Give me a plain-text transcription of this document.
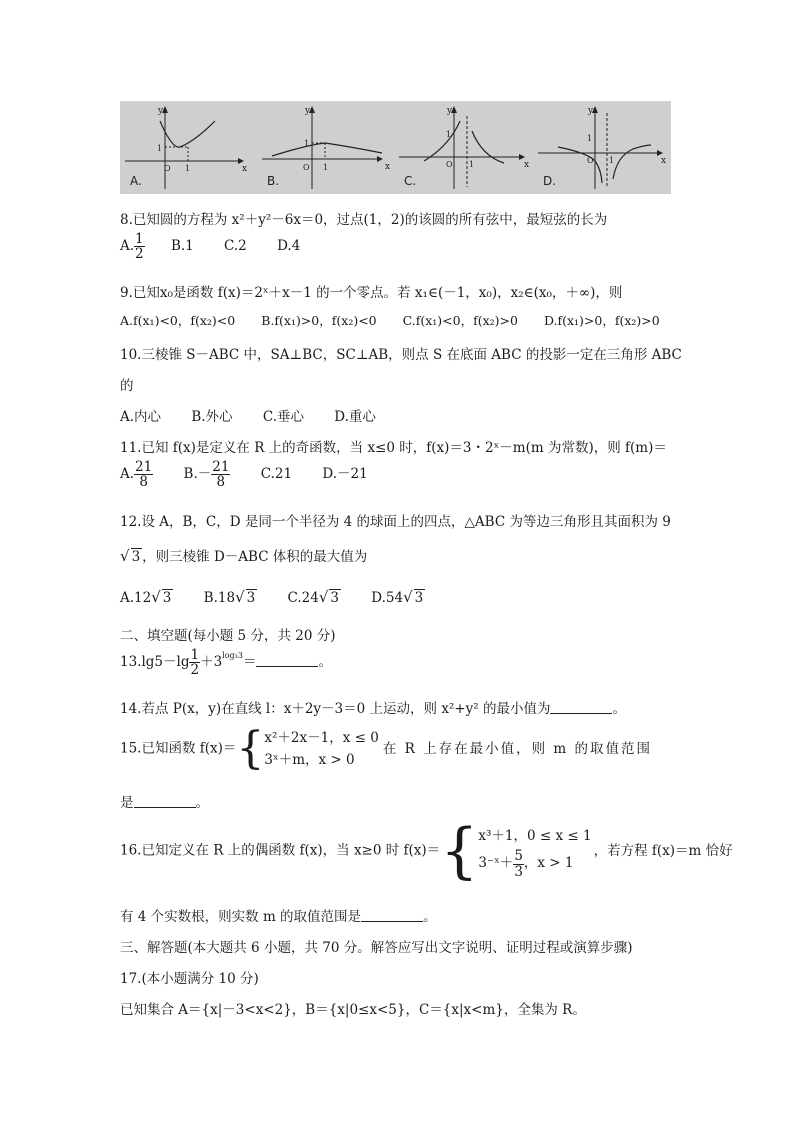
y
x
1
O 1
A.
y
x
1
O 1
B.
y
x
1
O 1
C.
y
x
O 1
1
D.
8.已知圆的方程为 x²＋y²－6x＝0，过点(1，2)的该圆的所有弦中，最短弦的长为
A. $\frac{1}{2} B.1$ C.2 D.4
9.已知x₀是函数 f(x)＝2ˣ＋x－1 的一个零点。若 x₁∈(－1，x₀)，x₂∈(x₀，＋∞)，则
A.f(x₁)<0，f(x₂)<0 B.f(x₁)>0，f(x₂)<0 C.f(x₁)<0，f(x₂)>0 D.f(x₁)>0，f(x₂)>0
10.三棱锥 S－ABC 中，SA⊥BC，SC⊥AB，则点 S 在底面 ABC 的投影一定在三角形 ABC
的
A.内心 B.外心 C.垂心 D.重心
11.已知 f(x)是定义在 R 上的奇函数，当 x≤0 时，f(x)＝3・2ˣ－m(m 为常数)，则 f(m)＝
A. $\frac{21}{8} B.- \frac{21}{8} C.21$ D.－21
12.设 A，B，C，D 是同一个半径为 4 的球面上的四点，△ABC 为等边三角形且其面积为 9
√ 3 ，则三棱锥 D－ABC 体积的最大值为
A.12√ 3 B.18√ 3 C.24√ 3 D.54√ 3
二、填空题(每小题 5 分，共 20 分)
$13.\lg 5-\lg \frac{1}{2} +3^{log_33}=$	。
14.若点 P(x，y)在直线 l：x＋2y－3＝0 上运动，则 x²+y² 的最小值为	。
15.已知函数 f(x)＝{ x²＋2x－1，x ≤ 0
3ˣ＋m，x > 0
在 R 上存在最小值，则 m 的取值范围
是	。
16.已知定义在 R 上的偶函数 f(x)，当 x≥0 时 f(x)＝{ x³＋1，0 ≤ x ≤ 1
3⁻ˣ＋ $\frac{5}{3}$ ，x > 1
，若方程 f(x)＝m 恰好
有 4 个实数根，则实数 m 的取值范围是	。
三、解答题(本大题共 6 小题，共 70 分。解答应写出文字说明、证明过程或演算步骤)
17.(本小题满分 10 分)
已知集合 A＝{x|－3<x<2}，B＝{x|0≤x<5}，C＝{x|x<m}，全集为 R。
